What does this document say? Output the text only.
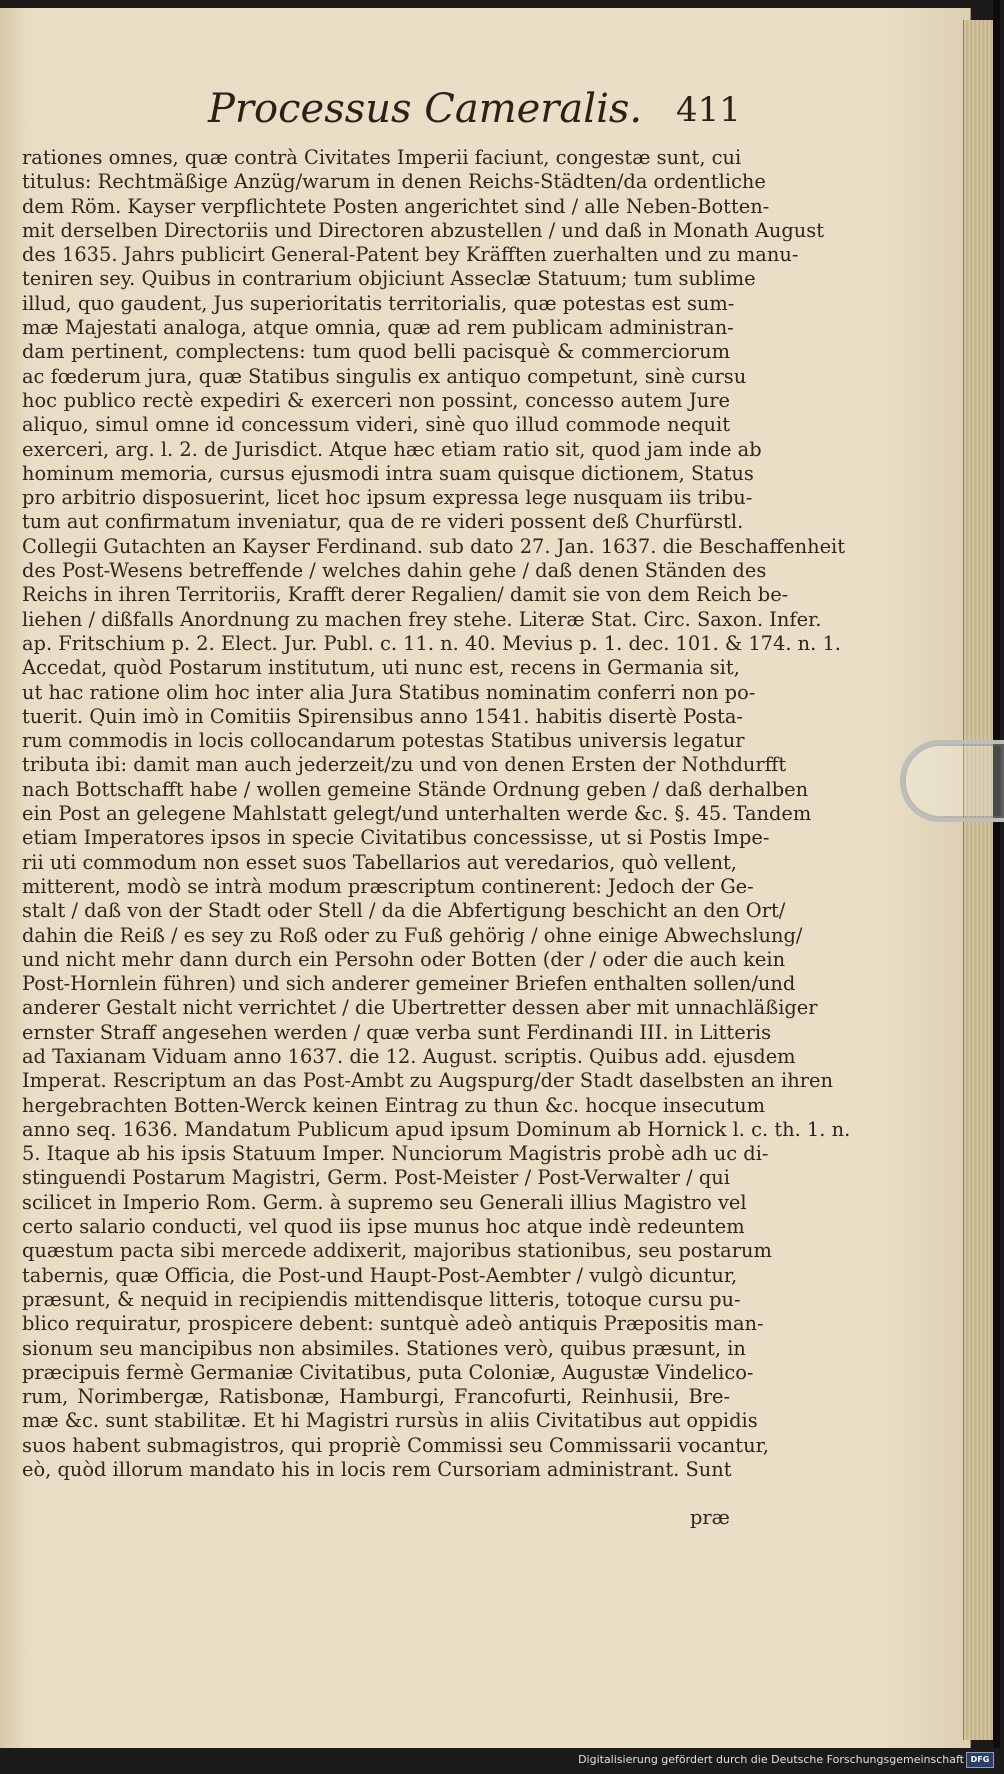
Processus Cameralis. 411
rationes omnes, quæ contrà Civitates Imperii faciunt, congestæ sunt, cui
titulus: Rechtmäßige Anzüg/warum in denen Reichs-Städten/da ordentliche
dem Röm. Kayser verpflichtete Posten angerichtet sind / alle Neben-Botten-
mit derselben Directoriis und Directoren abzustellen / und daß in Monath August
des 1635. Jahrs publicirt General-Patent bey Kräfften zuerhalten und zu manu-
teniren sey. Quibus in contrarium objiciunt Asseclæ Statuum; tum sublime
illud, quo gaudent, Jus superioritatis territorialis, quæ potestas est sum-
mæ Majestati analoga, atque omnia, quæ ad rem publicam administran-
dam pertinent, complectens: tum quod belli pacisquè & commerciorum
ac fœderum jura, quæ Statibus singulis ex antiquo competunt, sinè cursu
hoc publico rectè expediri & exerceri non possint, concesso autem Jure
aliquo, simul omne id concessum videri, sinè quo illud commode nequit
exerceri, arg. l. 2. de Jurisdict. Atque hæc etiam ratio sit, quod jam inde ab
hominum memoria, cursus ejusmodi intra suam quisque dictionem, Status
pro arbitrio disposuerint, licet hoc ipsum expressa lege nusquam iis tribu-
tum aut confirmatum inveniatur, qua de re videri possent deß Churfürstl.
Collegii Gutachten an Kayser Ferdinand. sub dato 27. Jan. 1637. die Beschaffenheit
des Post-Wesens betreffende / welches dahin gehe / daß denen Ständen des
Reichs in ihren Territoriis, Krafft derer Regalien/ damit sie von dem Reich be-
liehen / dißfalls Anordnung zu machen frey stehe. Literæ Stat. Circ. Saxon. Infer.
ap. Fritschium p. 2. Elect. Jur. Publ. c. 11. n. 40. Mevius p. 1. dec. 101. & 174. n. 1.
Accedat, quòd Postarum institutum, uti nunc est, recens in Germania sit,
ut hac ratione olim hoc inter alia Jura Statibus nominatim conferri non po-
tuerit. Quin imò in Comitiis Spirensibus anno 1541. habitis disertè Posta-
rum commodis in locis collocandarum potestas Statibus universis legatur
tributa ibi: damit man auch jederzeit/zu und von denen Ersten der Nothdurfft
nach Bottschafft habe / wollen gemeine Stände Ordnung geben / daß derhalben
ein Post an gelegene Mahlstatt gelegt/und unterhalten werde &c. §. 45. Tandem
etiam Imperatores ipsos in specie Civitatibus concessisse, ut si Postis Impe-
rii uti commodum non esset suos Tabellarios aut veredarios, quò vellent,
mitterent, modò se intrà modum præscriptum continerent: Jedoch der Ge-
stalt / daß von der Stadt oder Stell / da die Abfertigung beschicht an den Ort/
dahin die Reiß / es sey zu Roß oder zu Fuß gehörig / ohne einige Abwechslung/
und nicht mehr dann durch ein Persohn oder Botten (der / oder die auch kein
Post-Hornlein führen) und sich anderer gemeiner Briefen enthalten sollen/und
anderer Gestalt nicht verrichtet / die Ubertretter dessen aber mit unnachläßiger
ernster Straff angesehen werden / quæ verba sunt Ferdinandi III. in Litteris
ad Taxianam Viduam anno 1637. die 12. August. scriptis. Quibus add. ejusdem
Imperat. Rescriptum an das Post-Ambt zu Augspurg/der Stadt daselbsten an ihren
hergebrachten Botten-Werck keinen Eintrag zu thun &c. hocque insecutum
anno seq. 1636. Mandatum Publicum apud ipsum Dominum ab Hornick l. c. th. 1. n.
5. Itaque ab his ipsis Statuum Imper. Nunciorum Magistris probè adh uc di-
stinguendi Postarum Magistri, Germ. Post-Meister / Post-Verwalter / qui
scilicet in Imperio Rom. Germ. à supremo seu Generali illius Magistro vel
certo salario conducti, vel quod iis ipse munus hoc atque indè redeuntem
quæstum pacta sibi mercede addixerit, majoribus stationibus, seu postarum
tabernis, quæ Officia, die Post-und Haupt-Post-Aembter / vulgò dicuntur,
præsunt, & nequid in recipiendis mittendisque litteris, totoque cursu pu-
blico requiratur, prospicere debent: suntquè adeò antiquis Præpositis man-
sionum seu mancipibus non absimiles. Stationes verò, quibus præsunt, in
præcipuis fermè Germaniæ Civitatibus, puta Coloniæ, Augustæ Vindelico-
rum, Norimbergæ, Ratisbonæ, Hamburgi, Francofurti, Reinhusii, Bre-
mæ &c. sunt stabilitæ. Et hi Magistri rursùs in aliis Civitatibus aut oppidis
suos habent submagistros, qui propriè Commissi seu Commissarii vocantur,
eò, quòd illorum mandato his in locis rem Cursoriam administrant. Sunt
præ
Digitalisierung gefördert durch die Deutsche Forschungsgemeinschaft DFG
